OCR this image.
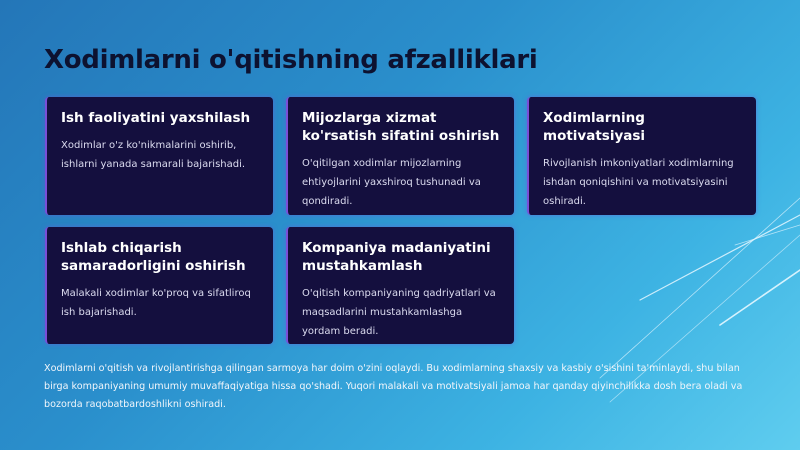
Xodimlarni o'qitishning afzalliklari
Ish faoliyatini yaxshilash
Xodimlar o'z ko'nikmalarini oshirib, ishlarni yanada samarali bajarishadi.
Mijozlarga xizmat ko'rsatish sifatini oshirish
O'qitilgan xodimlar mijozlarning ehtiyojlarini yaxshiroq tushunadi va qondiradi.
Xodimlarning motivatsiyasi
Rivojlanish imkoniyatlari xodimlarning ishdan qoniqishini va motivatsiyasini oshiradi.
Ishlab chiqarish samaradorligini oshirish
Malakali xodimlar ko'proq va sifatliroq ish bajarishadi.
Kompaniya madaniyatini mustahkamlash
O'qitish kompaniyaning qadriyatlari va maqsadlarini mustahkamlashga yordam beradi.
Xodimlarni o'qitish va rivojlantirishga qilingan sarmoya har doim o'zini oqlaydi. Bu xodimlarning shaxsiy va kasbiy o'sishini ta'minlaydi, shu bilan birga kompaniyaning umumiy muvaffaqiyatiga hissa qo'shadi. Yuqori malakali va motivatsiyali jamoa har qanday qiyinchilikka dosh bera oladi va bozorda raqobatbardoshlikni oshiradi.
